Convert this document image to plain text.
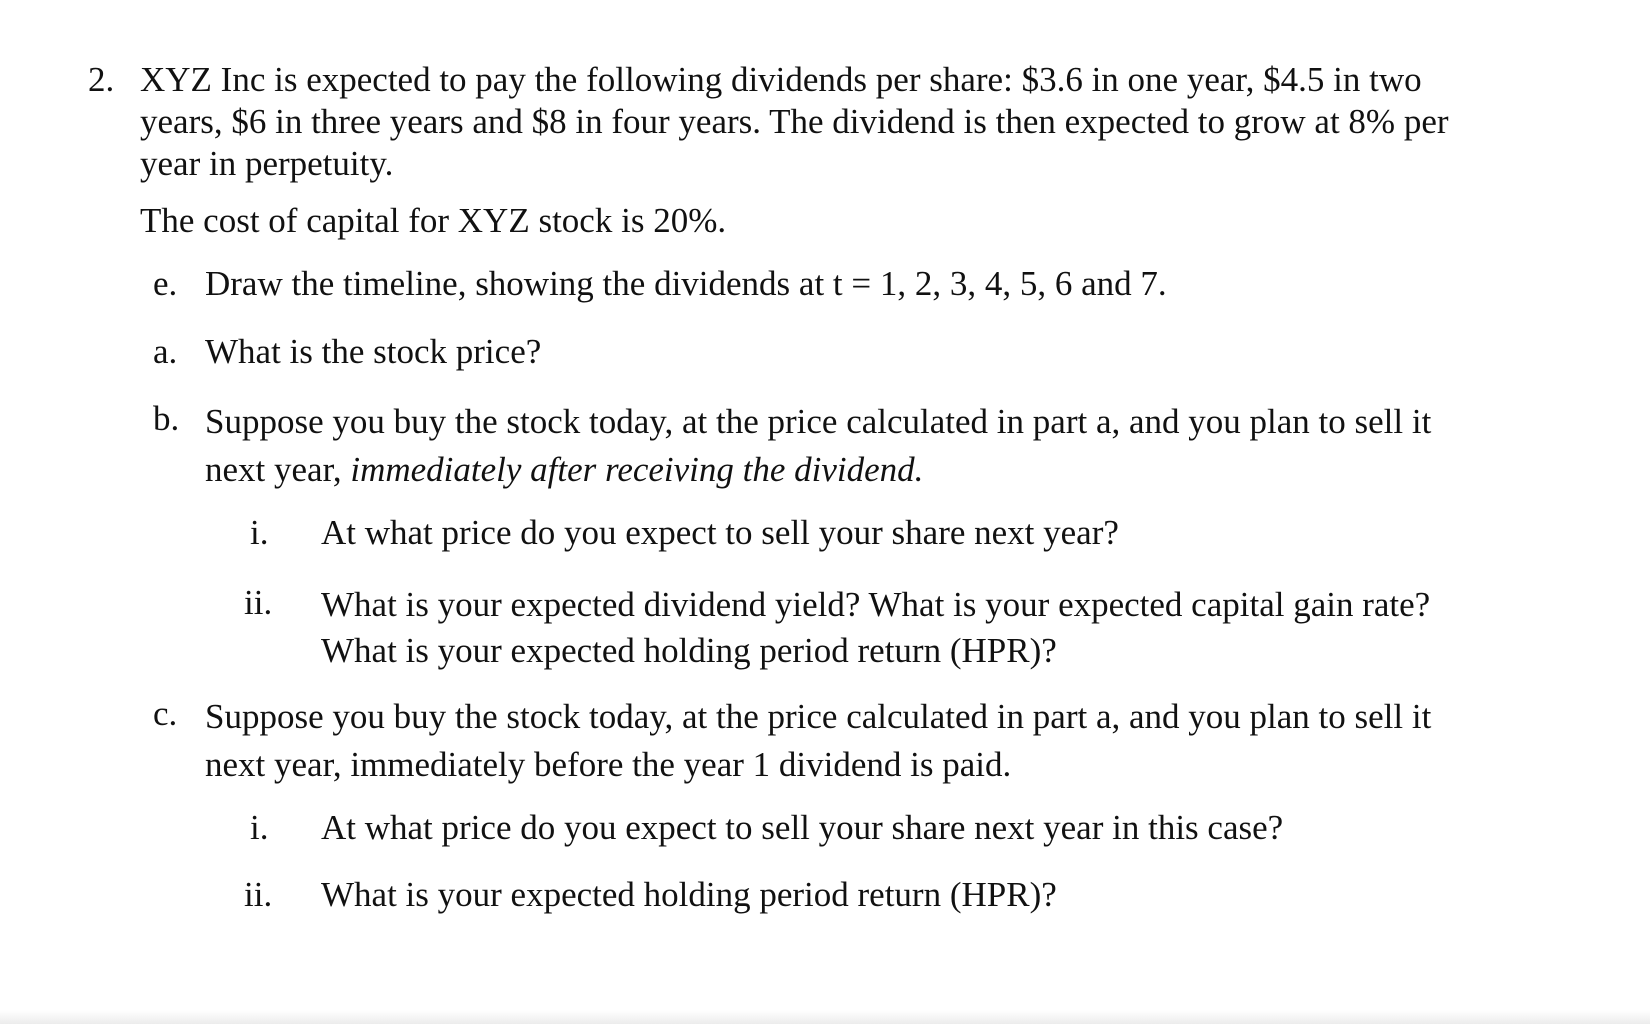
2. XYZ Inc is expected to pay the following dividends per share: $3.6 in one year, $4.5 in two
years, $6 in three years and $8 in four years. The dividend is then expected to grow at 8% per
year in perpetuity.
The cost of capital for XYZ stock is 20%.
e. Draw the timeline, showing the dividends at t = 1, 2, 3, 4, 5, 6 and 7.
a. What is the stock price?
b. Suppose you buy the stock today, at the price calculated in part a, and you plan to sell it
next year, immediately after receiving the dividend.
i. At what price do you expect to sell your share next year?
ii. What is your expected dividend yield? What is your expected capital gain rate?
What is your expected holding period return (HPR)?
c. Suppose you buy the stock today, at the price calculated in part a, and you plan to sell it
next year, immediately before the year 1 dividend is paid.
i. At what price do you expect to sell your share next year in this case?
ii. What is your expected holding period return (HPR)?
